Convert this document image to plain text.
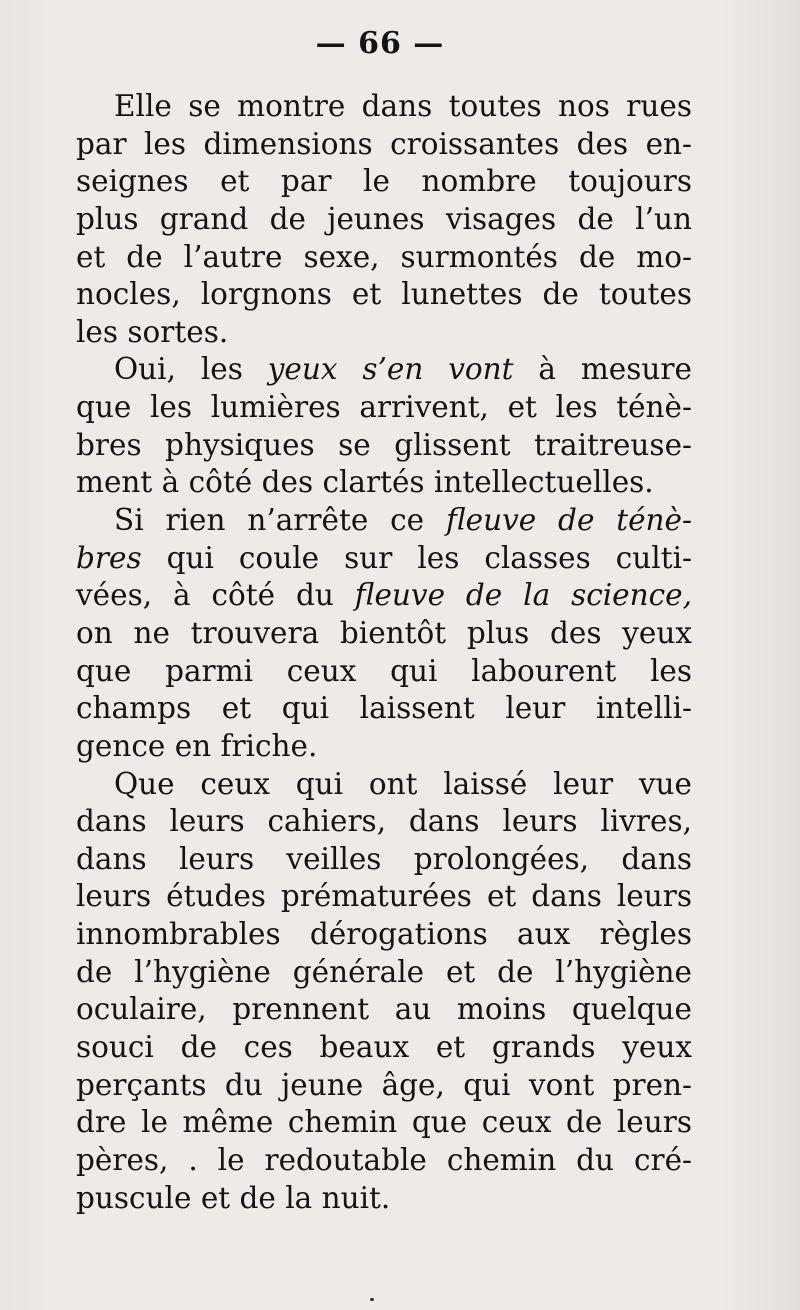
— 66 —
Elle se montre dans toutes nos rues
par les dimensions croissantes des en-
seignes et par le nombre toujours
plus grand de jeunes visages de l’un
et de l’autre sexe, surmontés de mo-
nocles, lorgnons et lunettes de toutes
les sortes.
Oui, les yeux s’en vont à mesure
que les lumières arrivent, et les ténè-
bres physiques se glissent traitreuse-
ment à côté des clartés intellectuelles.
Si rien n’arrête ce fleuve de ténè-
bres qui coule sur les classes culti-
vées, à côté du fleuve de la science,
on ne trouvera bientôt plus des yeux
que parmi ceux qui labourent les
champs et qui laissent leur intelli-
gence en friche.
Que ceux qui ont laissé leur vue
dans leurs cahiers, dans leurs livres,
dans leurs veilles prolongées, dans
leurs études prématurées et dans leurs
innombrables dérogations aux règles
de l’hygiène générale et de l’hygiène
oculaire, prennent au moins quelque
souci de ces beaux et grands yeux
perçants du jeune âge, qui vont pren-
dre le même chemin que ceux de leurs
pères, . le redoutable chemin du cré-
puscule et de la nuit.
